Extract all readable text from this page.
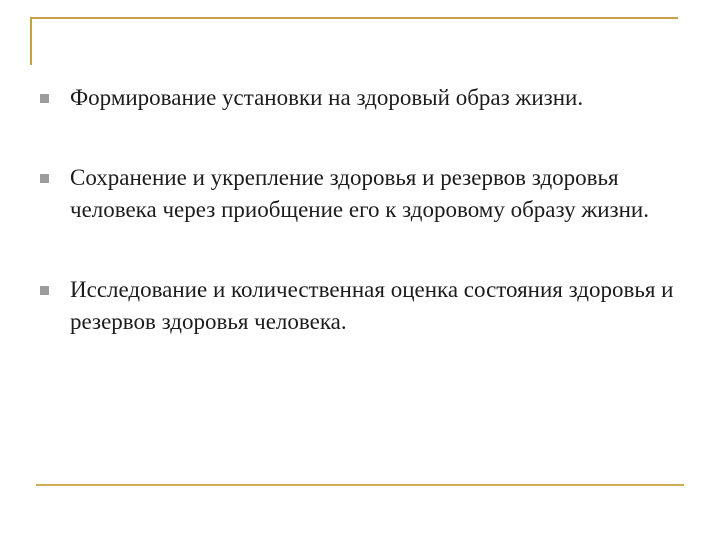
Формирование установки на здоровый образ жизни.
Сохранение и укрепление здоровья и резервов здоровья человека через приобщение его к здоровому образу жизни.
Исследование и количественная оценка состояния здоровья и резервов здоровья человека.
